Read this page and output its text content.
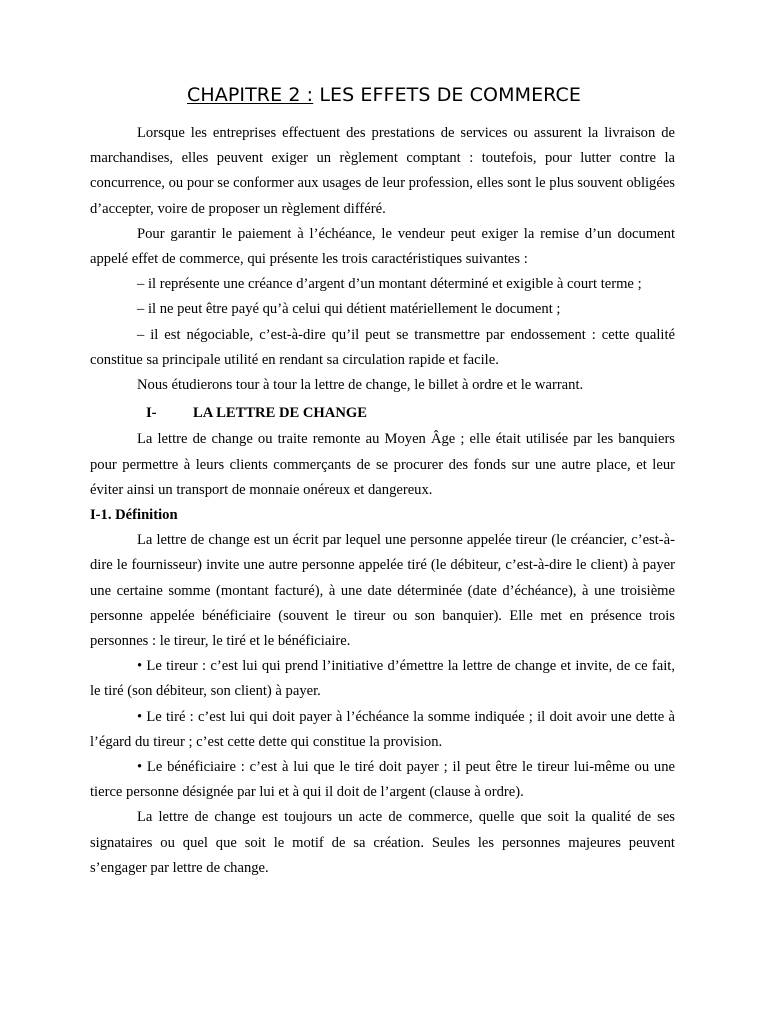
CHAPITRE 2 : LES EFFETS DE COMMERCE

Lorsque les entreprises effectuent des prestations de services ou assurent la livraison de marchandises, elles peuvent exiger un règlement comptant : toutefois, pour lutter contre la concurrence, ou pour se conformer aux usages de leur profession, elles sont le plus souvent obligées d’accepter, voire de proposer un règlement différé.

Pour garantir le paiement à l’échéance, le vendeur peut exiger la remise d’un document appelé effet de commerce, qui présente les trois caractéristiques suivantes :

– il représente une créance d’argent d’un montant déterminé et exigible à court terme ;

– il ne peut être payé qu’à celui qui détient matériellement le document ;

– il est négociable, c’est-à-dire qu’il peut se transmettre par endossement : cette qualité constitue sa principale utilité en rendant sa circulation rapide et facile.

Nous étudierons tour à tour la lettre de change, le billet à ordre et le warrant.

I- LA LETTRE DE CHANGE

La lettre de change ou traite remonte au Moyen Âge ; elle était utilisée par les banquiers pour permettre à leurs clients commerçants de se procurer des fonds sur une autre place, et leur éviter ainsi un transport de monnaie onéreux et dangereux.

I-1. Définition

La lettre de change est un écrit par lequel une personne appelée tireur (le créancier, c’est-à-dire le fournisseur) invite une autre personne appelée tiré (le débiteur, c’est-à-dire le client) à payer une certaine somme (montant facturé), à une date déterminée (date d’échéance), à une troisième personne appelée bénéficiaire (souvent le tireur ou son banquier). Elle met en présence trois personnes : le tireur, le tiré et le bénéficiaire.

• Le tireur : c’est lui qui prend l’initiative d’émettre la lettre de change et invite, de ce fait, le tiré (son débiteur, son client) à payer.

• Le tiré : c’est lui qui doit payer à l’échéance la somme indiquée ; il doit avoir une dette à l’égard du tireur ; c’est cette dette qui constitue la provision.

• Le bénéficiaire : c’est à lui que le tiré doit payer ; il peut être le tireur lui-même ou une tierce personne désignée par lui et à qui il doit de l’argent (clause à ordre).

La lettre de change est toujours un acte de commerce, quelle que soit la qualité de ses signataires ou quel que soit le motif de sa création. Seules les personnes majeures peuvent s’engager par lettre de change.
